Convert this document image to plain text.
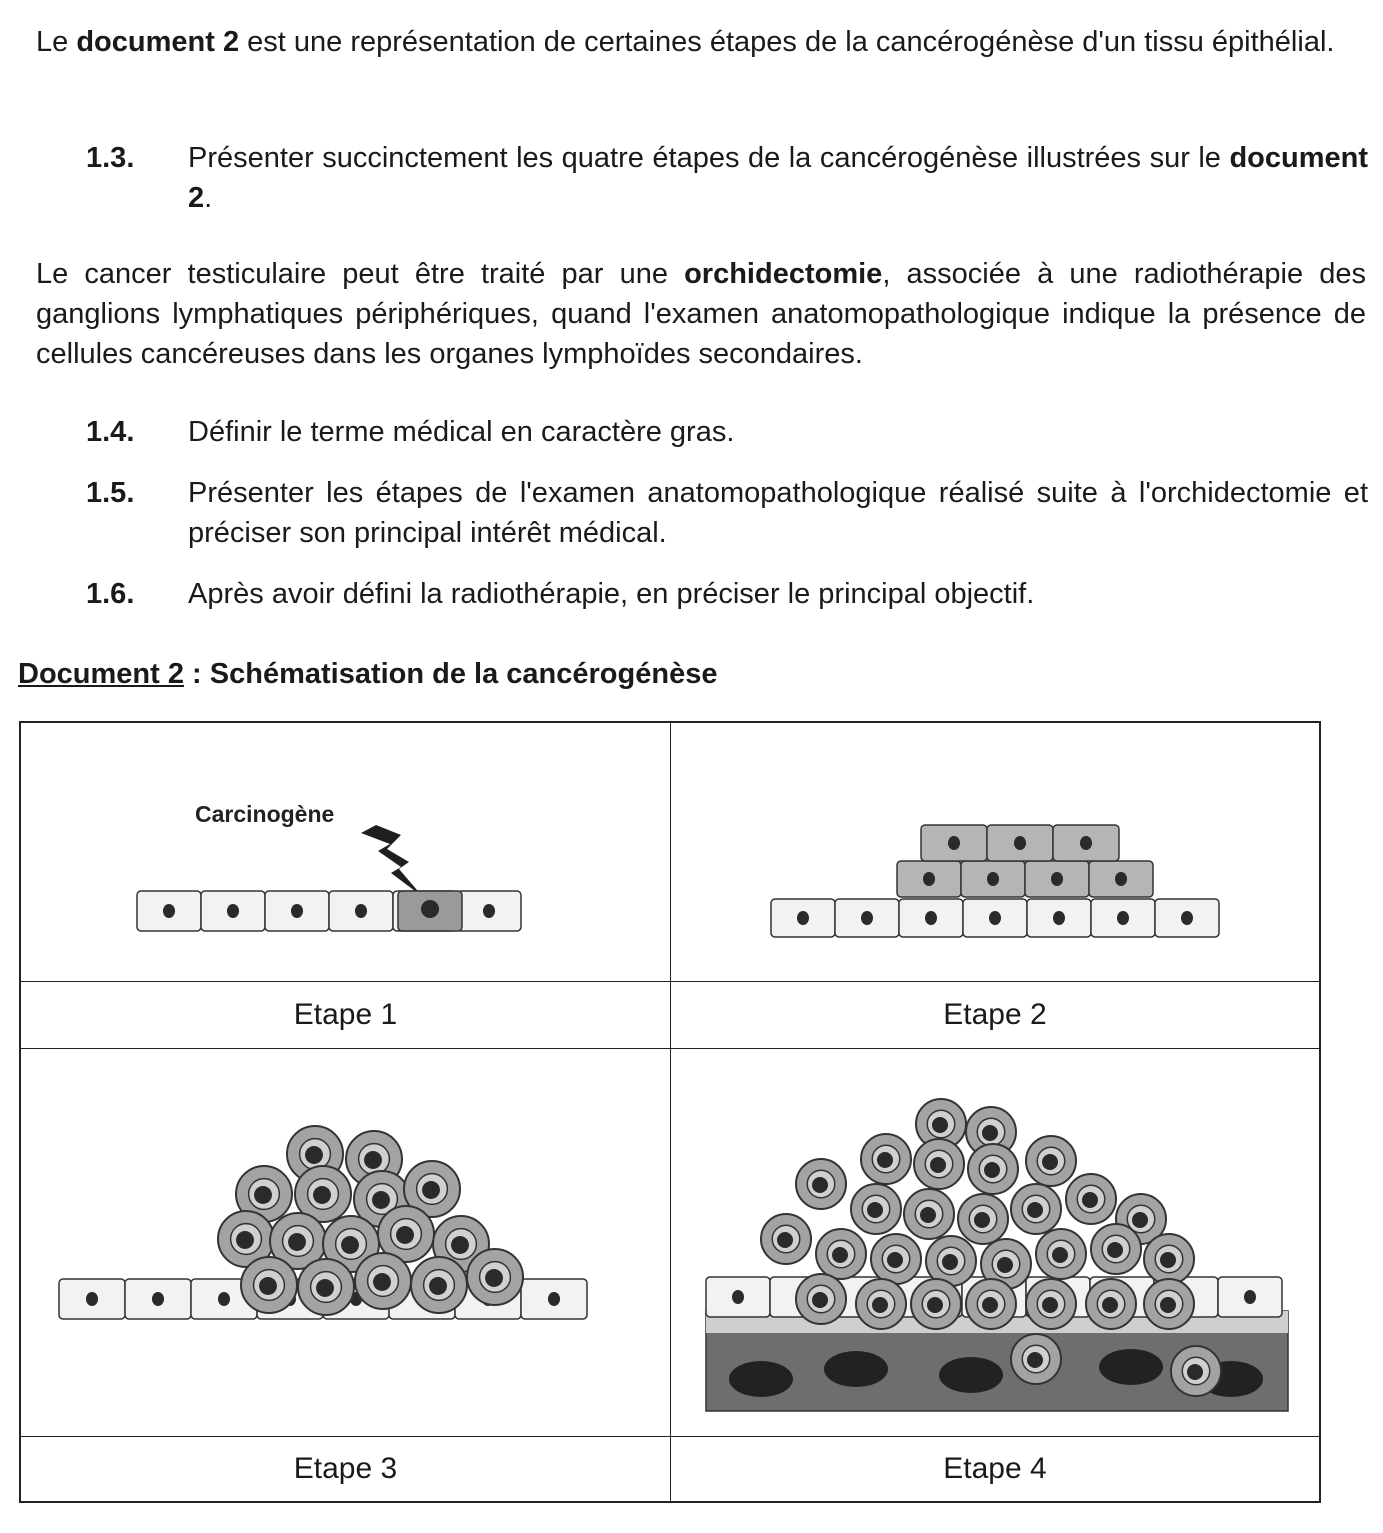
Le document 2 est une représentation de certaines étapes de la cancérogénèse d'un tissu épithélial.

1.3. Présenter succinctement les quatre étapes de la cancérogénèse illustrées sur le document 2.

Le cancer testiculaire peut être traité par une orchidectomie, associée à une radiothérapie des ganglions lymphatiques périphériques, quand l'examen anatomopathologique indique la présence de cellules cancéreuses dans les organes lymphoïdes secondaires.

1.4. Définir le terme médical en caractère gras.
1.5. Présenter les étapes de l'examen anatomopathologique réalisé suite à l'orchidectomie et préciser son principal intérêt médical.
1.6. Après avoir défini la radiothérapie, en préciser le principal objectif.
Document 2 : Schématisation de la cancérogénèse
Carcinogène
Etape 1	Etape 2
Etape 3	Etape 4
